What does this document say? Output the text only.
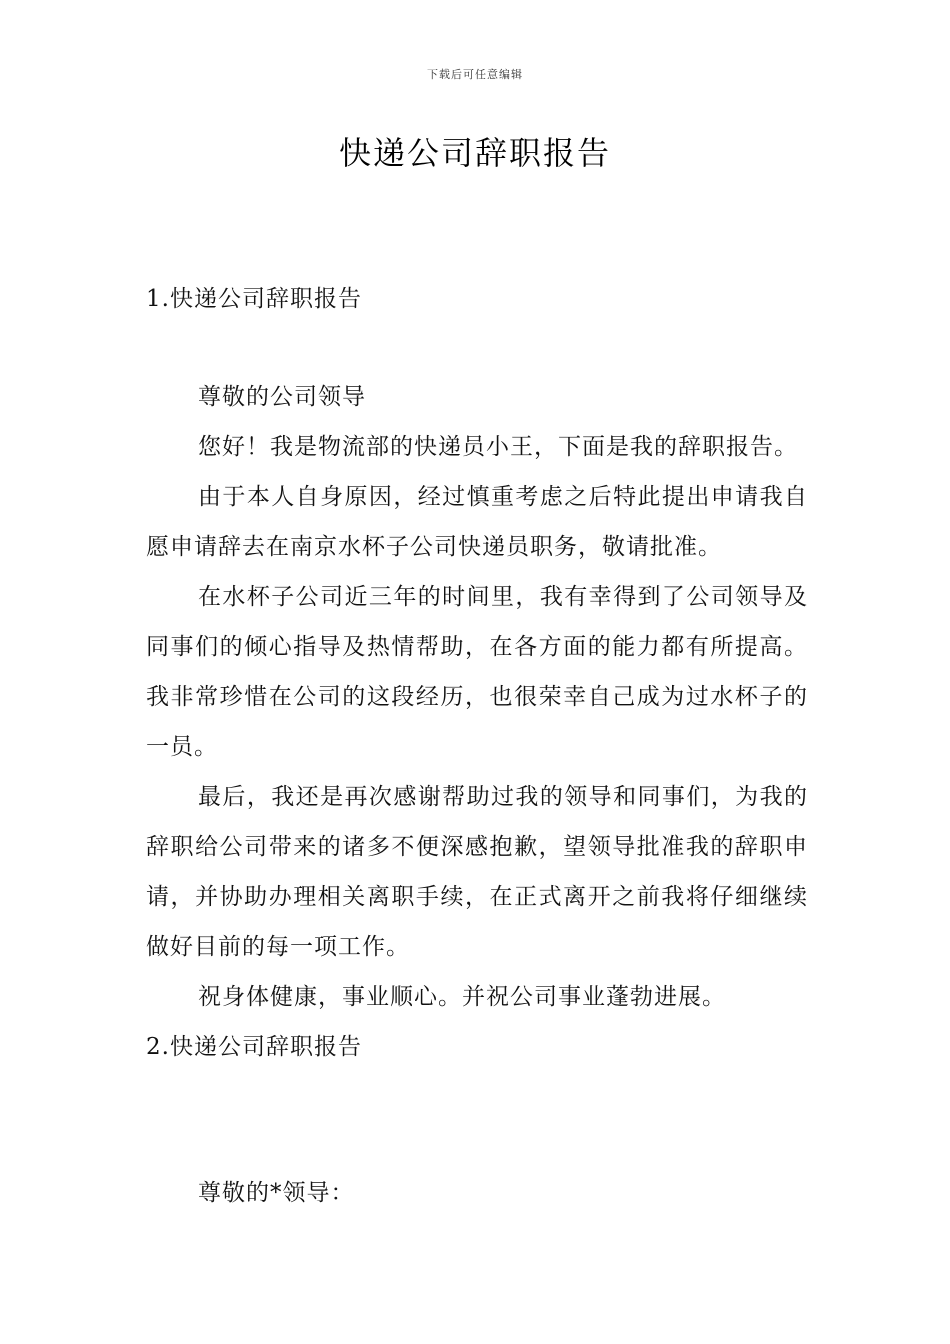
下载后可任意编辑
快递公司辞职报告

1.快递公司辞职报告

尊敬的公司领导

您好！我是物流部的快递员小王，下面是我的辞职报告。

由于本人自身原因，经过慎重考虑之后特此提出申请我自愿申请辞去在南京水杯子公司快递员职务，敬请批准。

在水杯子公司近三年的时间里，我有幸得到了公司领导及同事们的倾心指导及热情帮助，在各方面的能力都有所提高。我非常珍惜在公司的这段经历，也很荣幸自己成为过水杯子的一员。

最后，我还是再次感谢帮助过我的领导和同事们，为我的辞职给公司带来的诸多不便深感抱歉，望领导批准我的辞职申请，并协助办理相关离职手续，在正式离开之前我将仔细继续做好目前的每一项工作。

祝身体健康，事业顺心。并祝公司事业蓬勃进展。

2.快递公司辞职报告

尊敬的*领导：
